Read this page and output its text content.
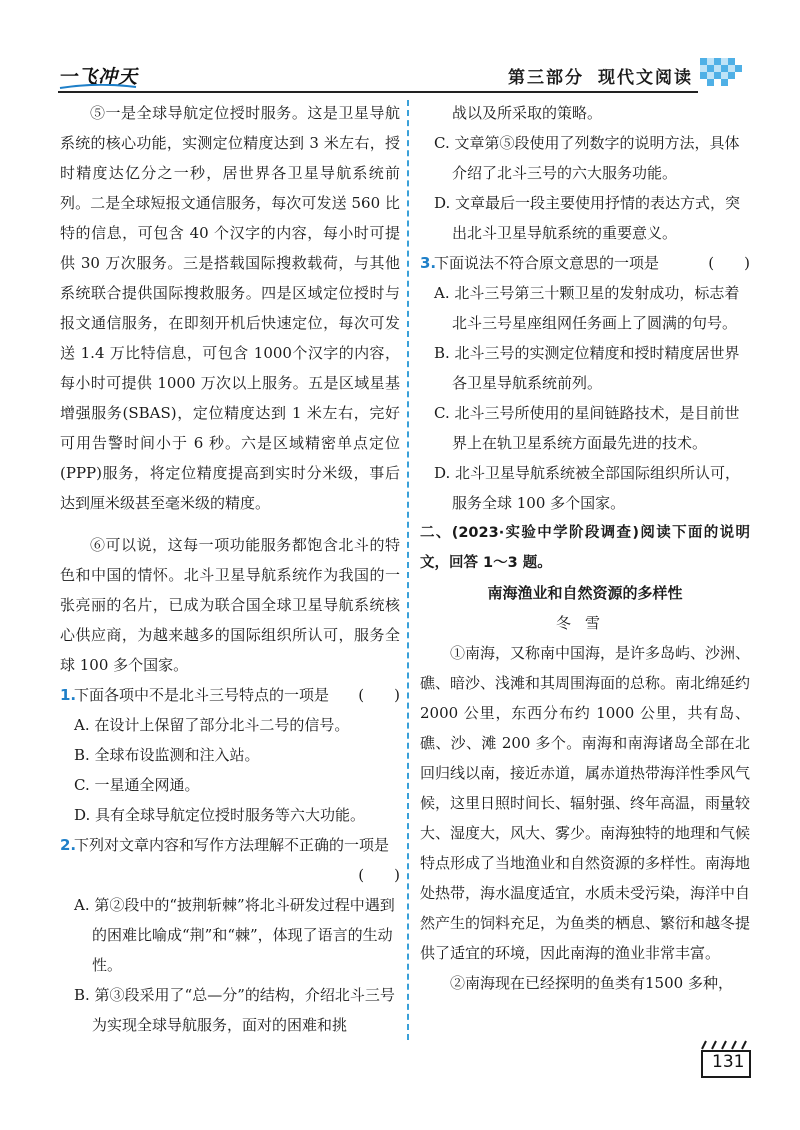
一飞冲天	第三部分 现代文阅读

⑤一是全球导航定位授时服务。这是卫星导航系统的核心功能，实测定位精度达到 3 米左右，授时精度达亿分之一秒，居世界各卫星导航系统前列。二是全球短报文通信服务，每次可发送 560 比特的信息，可包含 40 个汉字的内容，每小时可提供 30 万次服务。三是搭载国际搜救载荷，与其他系统联合提供国际搜救服务。四是区域定位授时与报文通信服务，在即刻开机后快速定位，每次可发送 1.4 万比特信息，可包含 1000个汉字的内容，每小时可提供 1000 万次以上服务。五是区域星基增强服务(SBAS)，定位精度达到 1 米左右，完好可用告警时间小于 6 秒。六是区域精密单点定位(PPP)服务，将定位精度提高到实时分米级，事后达到厘米级甚至毫米级的精度。

⑥可以说，这每一项功能服务都饱含北斗的特色和中国的情怀。北斗卫星导航系统作为我国的一张亮丽的名片，已成为联合国全球卫星导航系统核心供应商，为越来越多的国际组织所认可，服务全球 100 多个国家。

1.
下面各项中不是北斗三号特点的一项是 (　　)
A. 在设计上保留了部分北斗二号的信号。
B. 全球布设监测和注入站。
C. 一星通全网通。
D. 具有全球导航定位授时服务等六大功能。
2.
下列对文章内容和写作方法理解不正确的一项是
(　　)
A. 第②段中的“披荆斩棘”将北斗研发过程中遇到的困难比喻成“荆”和“棘”，体现了语言的生动性。
B. 第③段采用了“总—分”的结构，介绍北斗三号为实现全球导航服务，面对的困难和挑
战以及所采取的策略。
C. 文章第⑤段使用了列数字的说明方法，具体介绍了北斗三号的六大服务功能。
D. 文章最后一段主要使用抒情的表达方式，突出北斗卫星导航系统的重要意义。
3.
下面说法不符合原文意思的一项是	(　　)
A. 北斗三号第三十颗卫星的发射成功，标志着北斗三号星座组网任务画上了圆满的句号。
B. 北斗三号的实测定位精度和授时精度居世界各卫星导航系统前列。
C. 北斗三号所使用的星间链路技术，是目前世界上在轨卫星系统方面最先进的技术。
D. 北斗卫星导航系统被全部国际组织所认可，服务全球 100 多个国家。

二、(2023·实验中学阶段调查)阅读下面的说明文，回答 1～3 题。

南海渔业和自然资源的多样性

冬雪

①南海，又称南中国海，是许多岛屿、沙洲、礁、暗沙、浅滩和其周围海面的总称。南北绵延约 2000 公里，东西分布约 1000 公里，共有岛、礁、沙、滩 200 多个。南海和南海诸岛全部在北回归线以南，接近赤道，属赤道热带海洋性季风气候，这里日照时间长、辐射强、终年高温，雨量较大、湿度大，风大、雾少。南海独特的地理和气候特点形成了当地渔业和自然资源的多样性。南海地处热带，海水温度适宜，水质未受污染，海洋中自然产生的饲料充足，为鱼类的栖息、繁衍和越冬提供了适宜的环境，因此南海的渔业非常丰富。

②南海现在已经探明的鱼类有1500 多种，

131
